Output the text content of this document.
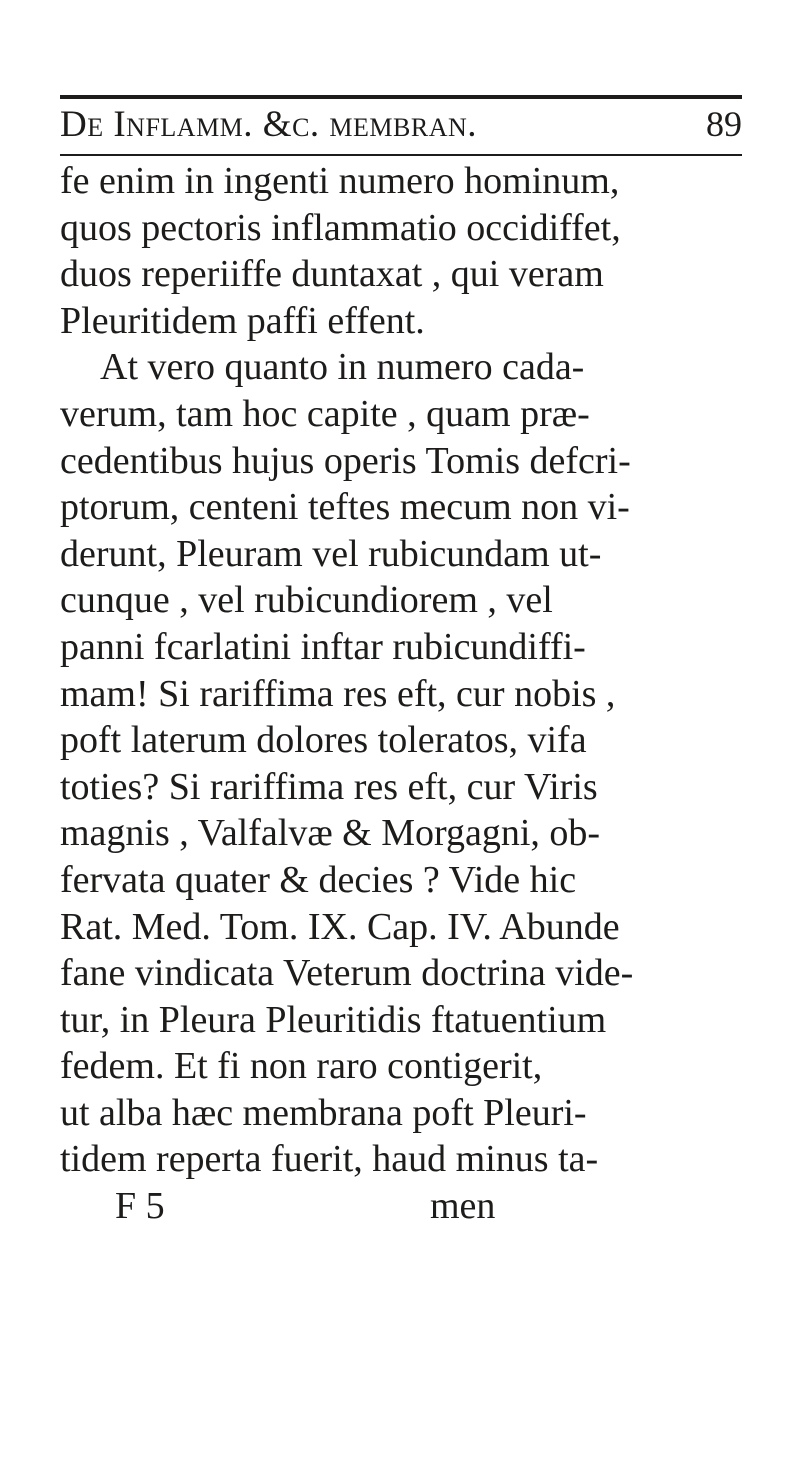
De Inflamm. &c. membran.	89
fe enim in ingenti numero hominum,
quos pectoris inflammatio occidiffet,
duos reperiiffe duntaxat , qui veram
Pleuritidem paffi effent.
At vero quanto in numero cada-
verum, tam hoc capite , quam præ-
cedentibus hujus operis Tomis defcri-
ptorum, centeni teftes mecum non vi-
derunt, Pleuram vel rubicundam ut-
cunque , vel rubicundiorem , vel
panni fcarlatini inftar rubicundiffi-
mam! Si rariffima res eft, cur nobis ,
poft laterum dolores toleratos, vifa
toties? Si rariffima res eft, cur Viris
magnis , Valfalvæ & Morgagni, ob-
fervata quater & decies ? Vide hic
Rat. Med. Tom. IX. Cap. IV. Abunde
fane vindicata Veterum doctrina vide-
tur, in Pleura Pleuritidis ftatuentium
fedem. Et fi non raro contigerit,
ut alba hæc membrana poft Pleuri-
tidem reperta fuerit, haud minus ta-
F 5	men
